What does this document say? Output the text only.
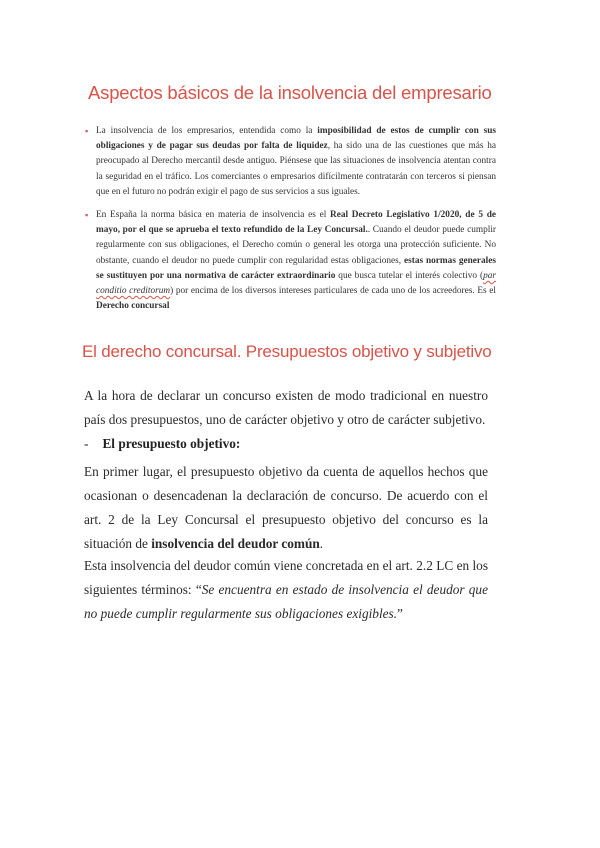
Aspectos básicos de la insolvencia del empresario
▪ La insolvencia de los empresarios, entendida como la imposibilidad de estos de cumplir con sus obligaciones y de pagar sus deudas por falta de liquidez, ha sido una de las cuestiones que más ha preocupado al Derecho mercantil desde antiguo. Piénsese que las situaciones de insolvencia atentan contra la seguridad en el tráfico. Los comerciantes o empresarios difícilmente contratarán con terceros si piensan que en el futuro no podrán exigir el pago de sus servicios a sus iguales.
▪ En España la norma básica en materia de insolvencia es el Real Decreto Legislativo 1/2020, de 5 de mayo, por el que se aprueba el texto refundido de la Ley Concursal.. Cuando el deudor puede cumplir regularmente con sus obligaciones, el Derecho común o general les otorga una protección suficiente. No obstante, cuando el deudor no puede cumplir con regularidad estas obligaciones, estas normas generales se sustituyen por una normativa de carácter extraordinario que busca tutelar el interés colectivo (par conditio creditorum) por encima de los diversos intereses particulares de cada uno de los acreedores. Es el Derecho concursal
El derecho concursal. Presupuestos objetivo y subjetivo

A la hora de declarar un concurso existen de modo tradicional en nuestro país dos presupuestos, uno de carácter objetivo y otro de carácter subjetivo.

- El presupuesto objetivo:

En primer lugar, el presupuesto objetivo da cuenta de aquellos hechos que ocasionan o desencadenan la declaración de concurso. De acuerdo con el art. 2 de la Ley Concursal el presupuesto objetivo del concurso es la situación de insolvencia del deudor común.

Esta insolvencia del deudor común viene concretada en el art. 2.2 LC en los siguientes términos: “Se encuentra en estado de insolvencia el deudor que no puede cumplir regularmente sus obligaciones exigibles.”
